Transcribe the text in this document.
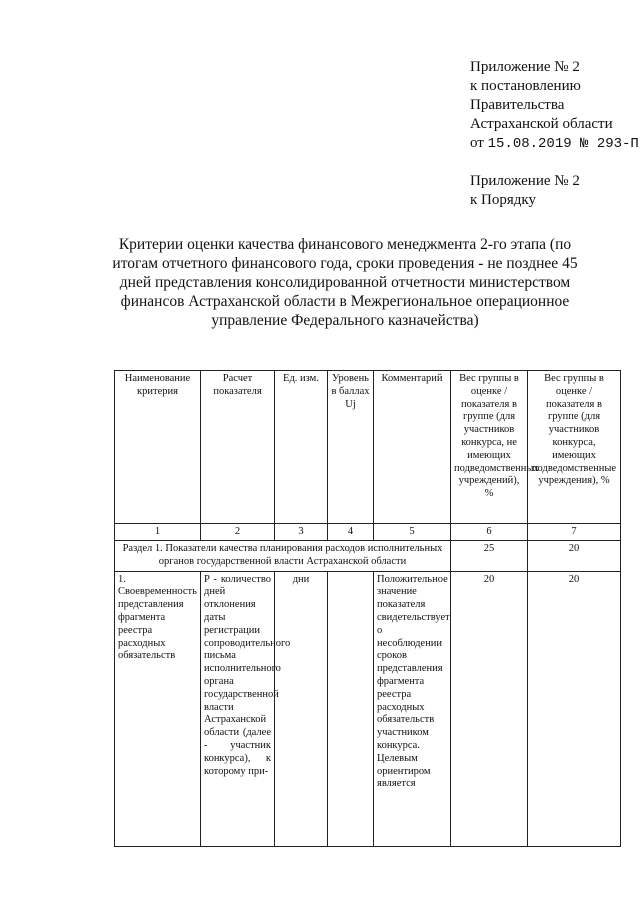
Приложение № 2
к постановлению
Правительства
Астраханской области
от 15.08.2019 № 293-П
Приложение № 2
к Порядку
Критерии оценки качества финансового менеджмента 2-го этапа (по итогам отчетного финансового года, сроки проведения - не позднее 45 дней представления консолидированной отчетности министерством финансов Астраханской области в Межрегиональное операционное управление Федерального казначейства)
Наименование критерия	Расчет показателя	Ед. изм.	Уровень в баллах Uj	Комментарий	Вес группы в оценке / показателя в группе (для участников конкурса, не имеющих подведомственных учреждений), %	Вес группы в оценке / показателя в группе (для участников конкурса, имеющих подведомственные учреждения), %
1	2	3	4	5	6	7
Раздел 1. Показатели качества планирования расходов исполнительных органов государственной власти Астраханской области					25	20
1. Своевременность представления фрагмента реестра расходных обязательств	P - количество дней отклонения даты регистрации сопроводительного письма исполнительного органа государственной власти Астраханской области (далее - участник конкурса), к которому при-	дни		Положительное значение показателя свидетельствует о несоблюдении сроков представления фрагмента реестра расходных обязательств участником конкурса. Целевым ориентиром является	20	20
